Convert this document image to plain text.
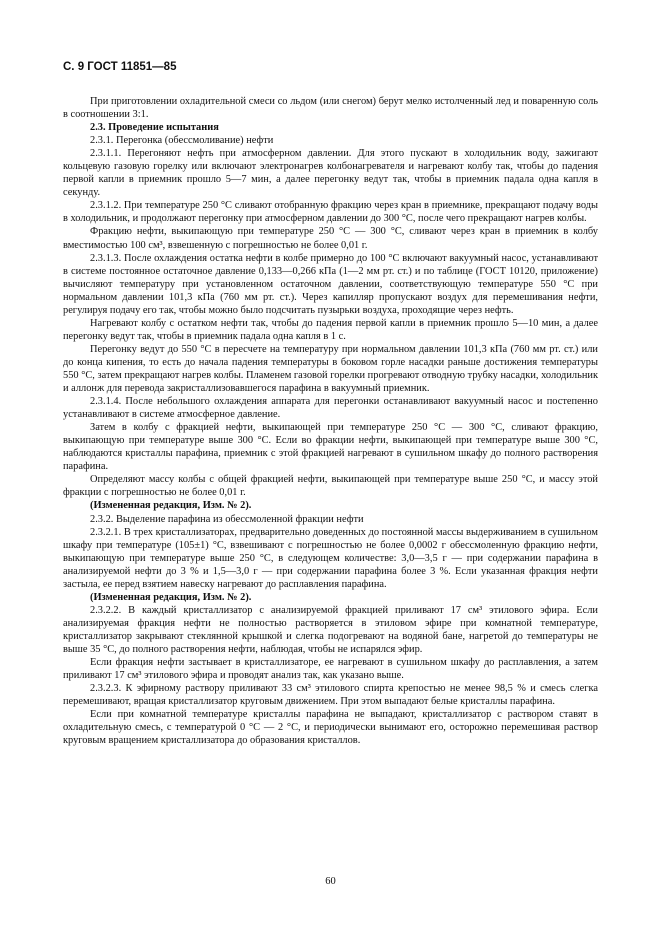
С. 9 ГОСТ 11851—85

При приготовлении охладительной смеси со льдом (или снегом) берут мелко истолченный лед и поваренную соль в соотношении 3:1.

2.3. Проведение испытания

2.3.1. Перегонка (обессмоливание) нефти

2.3.1.1. Перегоняют нефть при атмосферном давлении. Для этого пускают в холодильник воду, зажигают кольцевую газовую горелку или включают электронагрев колбонагревателя и нагревают колбу так, чтобы до падения первой капли в приемник прошло 5—7 мин, а далее перегонку ведут так, чтобы в приемник падала одна капля в секунду.

2.3.1.2. При температуре 250 °С сливают отобранную фракцию через кран в приемнике, прекращают подачу воды в холодильник, и продолжают перегонку при атмосферном давлении до 300 °С, после чего прекращают нагрев колбы.

Фракцию нефти, выкипающую при температуре 250 °С — 300 °С, сливают через кран в приемник в колбу вместимостью 100 см³, взвешенную с погрешностью не более 0,01 г.

2.3.1.3. После охлаждения остатка нефти в колбе примерно до 100 °С включают вакуумный насос, устанавливают в системе постоянное остаточное давление 0,133—0,266 кПа (1—2 мм рт. ст.) и по таблице (ГОСТ 10120, приложение) вычисляют температуру при установленном остаточном давлении, соответствующую температуре 550 °С при нормальном давлении 101,3 кПа (760 мм рт. ст.). Через капилляр пропускают воздух для перемешивания нефти, регулируя подачу его так, чтобы можно было подсчитать пузырьки воздуха, проходящие через нефть.

Нагревают колбу с остатком нефти так, чтобы до падения первой капли в приемник прошло 5—10 мин, а далее перегонку ведут так, чтобы в приемник падала одна капля в 1 с.

Перегонку ведут до 550 °С в пересчете на температуру при нормальном давлении 101,3 кПа (760 мм рт. ст.) или до конца кипения, то есть до начала падения температуры в боковом горле насадки раньше достижения температуры 550 °С, затем прекращают нагрев колбы. Пламенем газовой горелки прогревают отводную трубку насадки, холодильник и аллонж для перевода закристаллизовавшегося парафина в вакуумный приемник.

2.3.1.4. После небольшого охлаждения аппарата для перегонки останавливают вакуумный насос и постепенно устанавливают в системе атмосферное давление.

Затем в колбу с фракцией нефти, выкипающей при температуре 250 °С — 300 °С, сливают фракцию, выкипающую при температуре выше 300 °С. Если во фракции нефти, выкипающей при температуре выше 300 °С, наблюдаются кристаллы парафина, приемник с этой фракцией нагревают в сушильном шкафу до полного растворения парафина.

Определяют массу колбы с общей фракцией нефти, выкипающей при температуре выше 250 °С, и массу этой фракции с погрешностью не более 0,01 г.

(Измененная редакция, Изм. № 2).

2.3.2. Выделение парафина из обессмоленной фракции нефти

2.3.2.1. В трех кристаллизаторах, предварительно доведенных до постоянной массы выдерживанием в сушильном шкафу при температуре (105±1) °С, взвешивают с погрешностью не более 0,0002 г обессмоленную фракцию нефти, выкипающую при температуре выше 250 °С, в следующем количестве: 3,0—3,5 г — при содержании парафина в анализируемой нефти до 3 % и 1,5—3,0 г — при содержании парафина более 3 %. Если указанная фракция нефти застыла, ее перед взятием навеску нагревают до расплавления парафина.

(Измененная редакция, Изм. № 2).

2.3.2.2. В каждый кристаллизатор с анализируемой фракцией приливают 17 см³ этилового эфира. Если анализируемая фракция нефти не полностью растворяется в этиловом эфире при комнатной температуре, кристаллизатор закрывают стеклянной крышкой и слегка подогревают на водяной бане, нагретой до температуры не выше 35 °С, до полного растворения нефти, наблюдая, чтобы не испарялся эфир.

Если фракция нефти застывает в кристаллизаторе, ее нагревают в сушильном шкафу до расплавления, а затем приливают 17 см³ этилового эфира и проводят анализ так, как указано выше.

2.3.2.3. К эфирному раствору приливают 33 см³ этилового спирта крепостью не менее 98,5 % и смесь слегка перемешивают, вращая кристаллизатор круговым движением. При этом выпадают белые кристаллы парафина.

Если при комнатной температуре кристаллы парафина не выпадают, кристаллизатор с раствором ставят в охладительную смесь, с температурой 0 °С — 2 °С, и периодически вынимают его, осторожно перемешивая раствор круговым вращением кристаллизатора до образования кристаллов.

60
